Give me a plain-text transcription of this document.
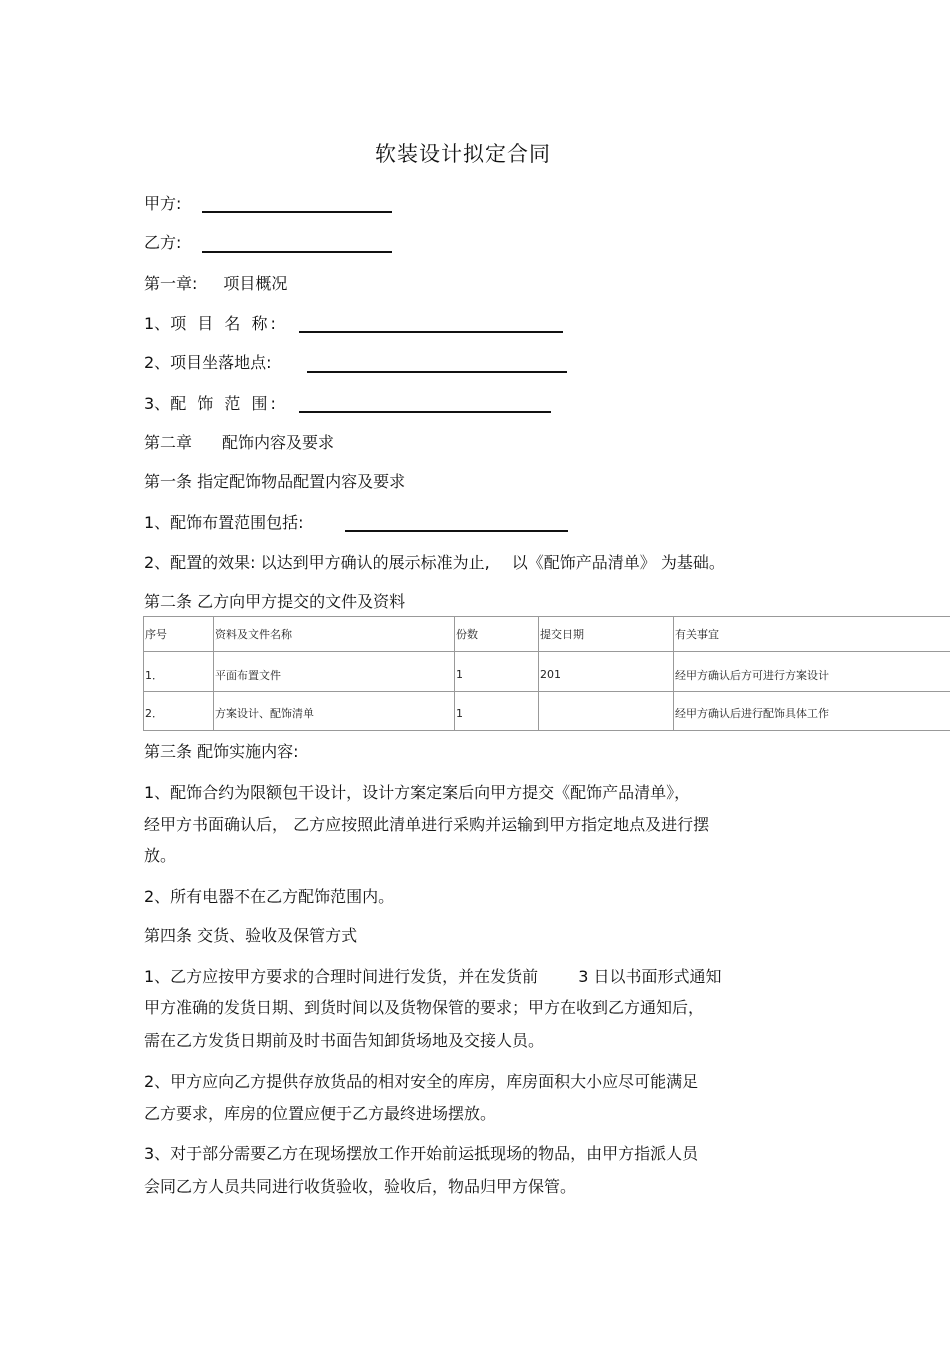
软装设计拟定合同
甲方:
乙方:
第一章: 项目概况
1、项 目 名 称:
2、项目坐落地点:
3、配 饰 范 围:
第二章 配饰内容及要求
第一条 指定配饰物品配置内容及要求
1、配饰布置范围包括:
2、配置的效果: 以达到甲方确认的展示标准为止, 以《配饰产品清单》 为基础。
第二条 乙方向甲方提交的文件及资料
序号	资料及文件名称	份数	提交日期	有关事宜
1．	平面布置文件	1	201	经甲方确认后方可进行方案设计
2．	方案设计、配饰清单	1		经甲方确认后进行配饰具体工作
第三条 配饰实施内容:
1、配饰合约为限额包干设计，设计方案定案后向甲方提交《配饰产品清单》，
经甲方书面确认后， 乙方应按照此清单进行采购并运输到甲方指定地点及进行摆
放。
2、所有电器不在乙方配饰范围内。
第四条 交货、验收及保管方式
1、乙方应按甲方要求的合理时间进行发货，并在发货前	3 日以书面形式通知
甲方准确的发货日期、到货时间以及货物保管的要求；甲方在收到乙方通知后，
需在乙方发货日期前及时书面告知卸货场地及交接人员。
2、甲方应向乙方提供存放货品的相对安全的库房，库房面积大小应尽可能满足
乙方要求，库房的位置应便于乙方最终进场摆放。
3、对于部分需要乙方在现场摆放工作开始前运抵现场的物品，由甲方指派人员
会同乙方人员共同进行收货验收，验收后，物品归甲方保管。
